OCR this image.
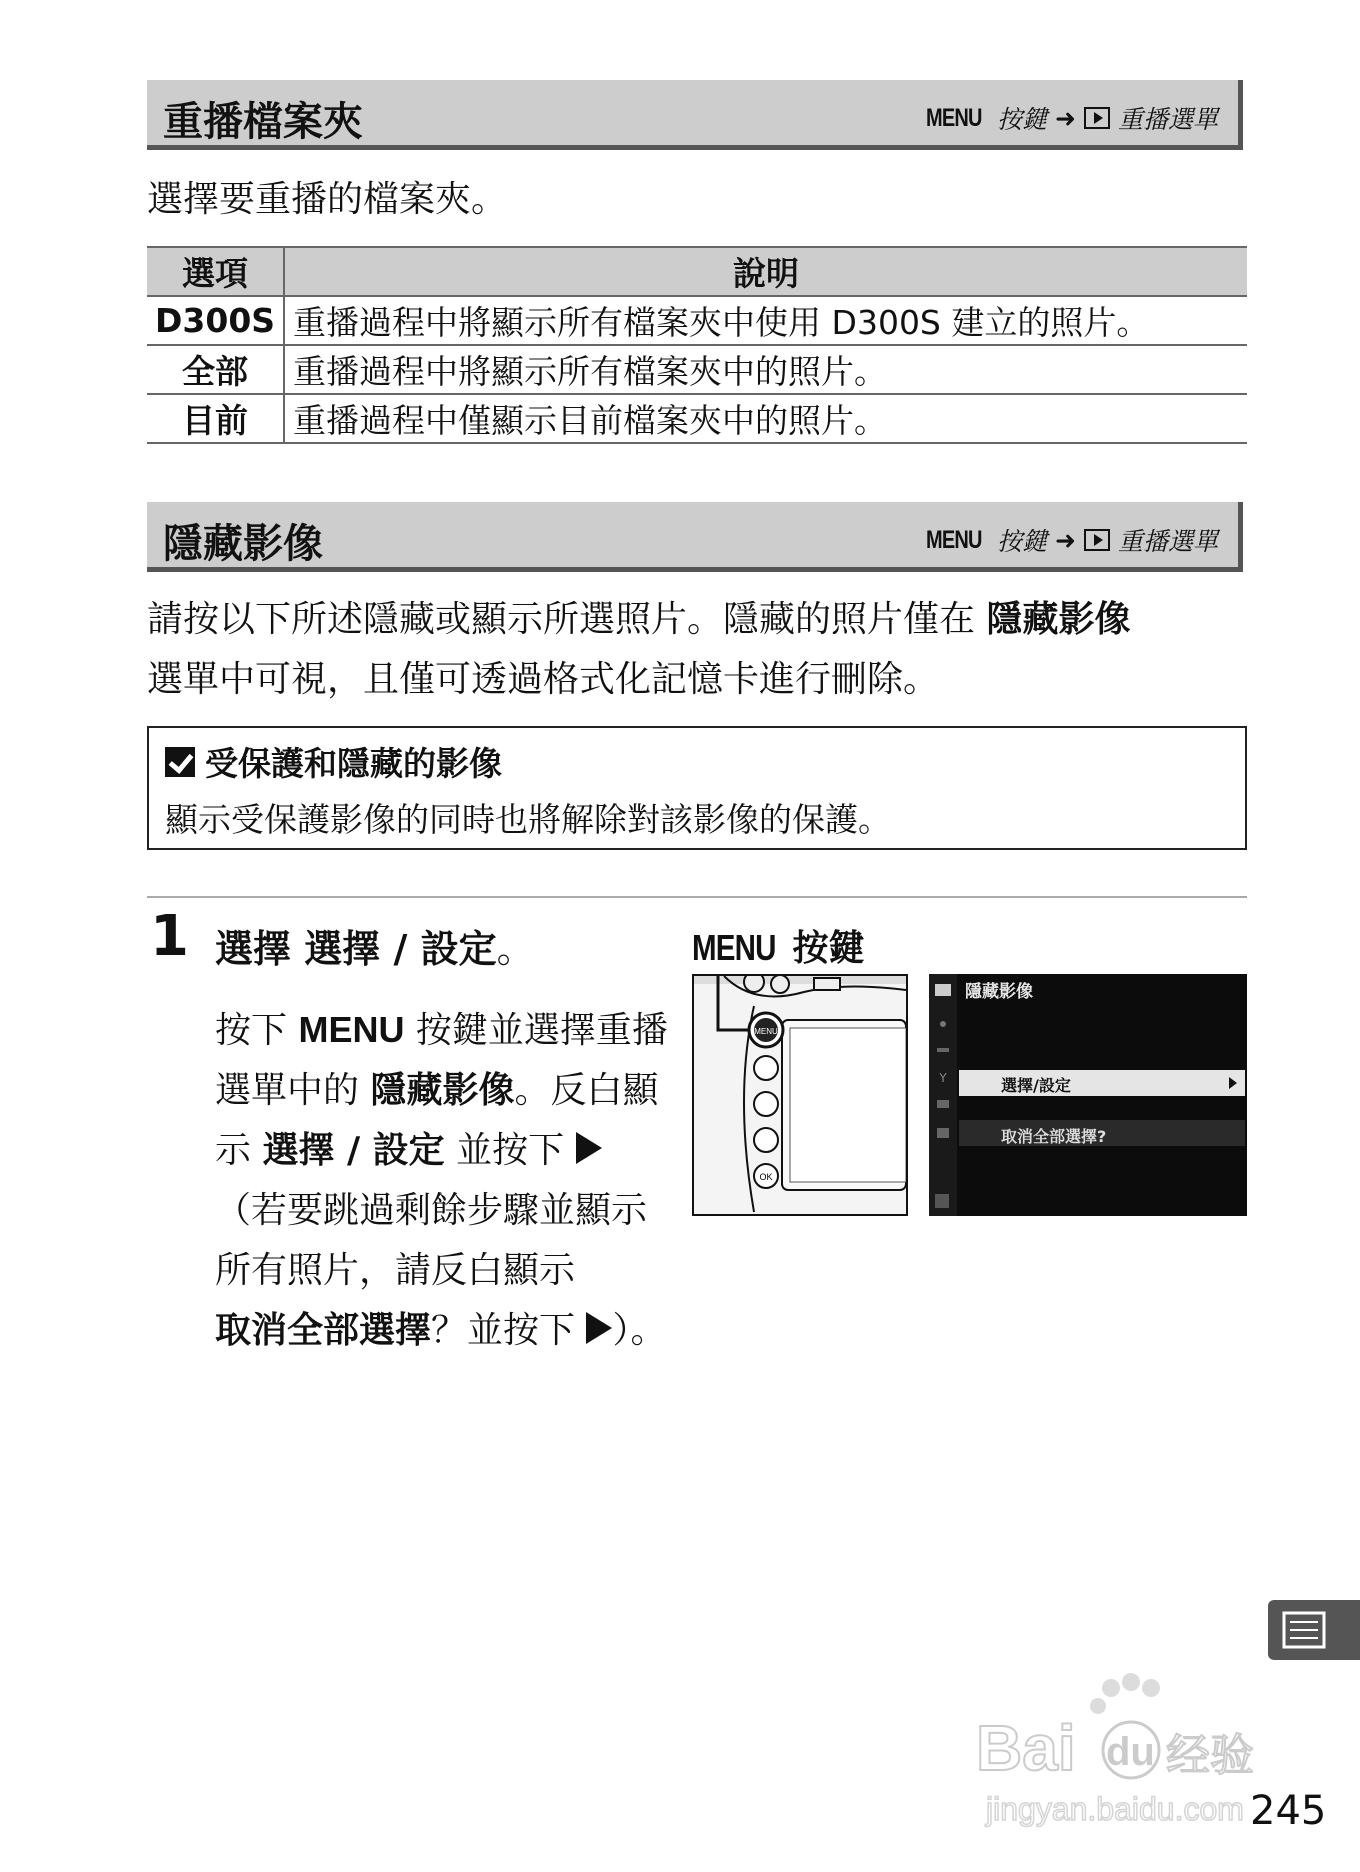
重播檔案夾	MENU 按鍵 ➜ 重播選單
選擇要重播的檔案夾。
選項	說明
D300S	重播過程中將顯示所有檔案夾中使用 D300S 建立的照片。
全部	重播過程中將顯示所有檔案夾中的照片。
目前	重播過程中僅顯示目前檔案夾中的照片。
隱藏影像	MENU 按鍵 ➜ 重播選單
請按以下所述隱藏或顯示所選照片。隱藏的照片僅在 隱藏影像
選單中可視，且僅可透過格式化記憶卡進行刪除。
受保護和隱藏的影像
顯示受保護影像的同時也將解除對該影像的保護。
1 選擇 選擇 / 設定。
按下 MENU 按鍵並選擇重播選單中的 隱藏影像。反白顯示 選擇 / 設定 並按下  （若要跳過剩餘步驟並顯示所有照片，請反白顯示 取消全部選擇？並按下 ）。
MENU 按鍵
MENU
OK
Y
隱藏影像
選擇/設定
取消全部選擇?
Bai du 经验
jingyan.baidu.com 245
